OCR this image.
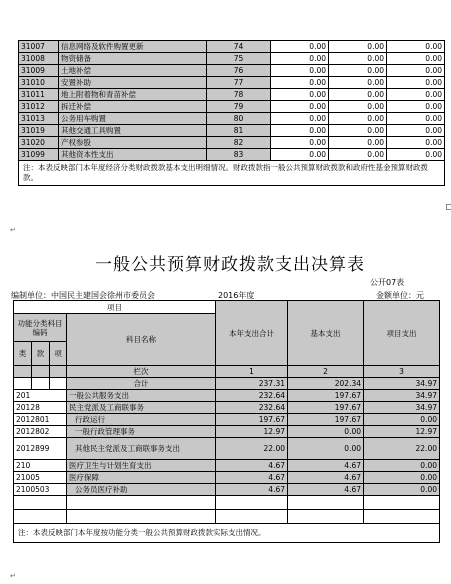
31007	信息网络及软件购置更新	74	0.00	0.00	0.00
31008	物资储备	75	0.00	0.00	0.00
31009	土地补偿	76	0.00	0.00	0.00
31010	安置补助	77	0.00	0.00	0.00
31011	地上附着物和青苗补偿	78	0.00	0.00	0.00
31012	拆迁补偿	79	0.00	0.00	0.00
31013	公务用车购置	80	0.00	0.00	0.00
31019	其他交通工具购置	81	0.00	0.00	0.00
31020	产权参股	82	0.00	0.00	0.00
31099	其他资本性支出	83	0.00	0.00	0.00
注：本表反映部门本年度经济分类财政拨款基本支出明细情况。财政拨款指一般公共预算财政拨款和政府性基金预算财政拨款。					
↵
一般公共预算财政拨款支出决算表
公开07表
编制单位：中国民主建国会徐州市委员会	2016年度	金额单位：元
项目				本年支出合计	基本支出	项目支出
功能分类科目编码			科目名称			
类	款	项				
			栏次	1	2	3
			合计	237.31	202.34	34.97
201			一般公共服务支出	232.64	197.67	34.97
20128			民主党派及工商联事务	232.64	197.67	34.97
2012801			行政运行	197.67	197.67	0.00
2012802			一般行政管理事务	12.97	0.00	12.97
2012899			其他民主党派及工商联事务支出	22.00	0.00	22.00
210			医疗卫生与计划生育支出	4.67	4.67	0.00
21005			医疗保障	4.67	4.67	0.00
2100503			公务员医疗补助	4.67	4.67	0.00

注：本表反映部门本年度按功能分类一般公共预算财政拨款实际支出情况。						
↵
